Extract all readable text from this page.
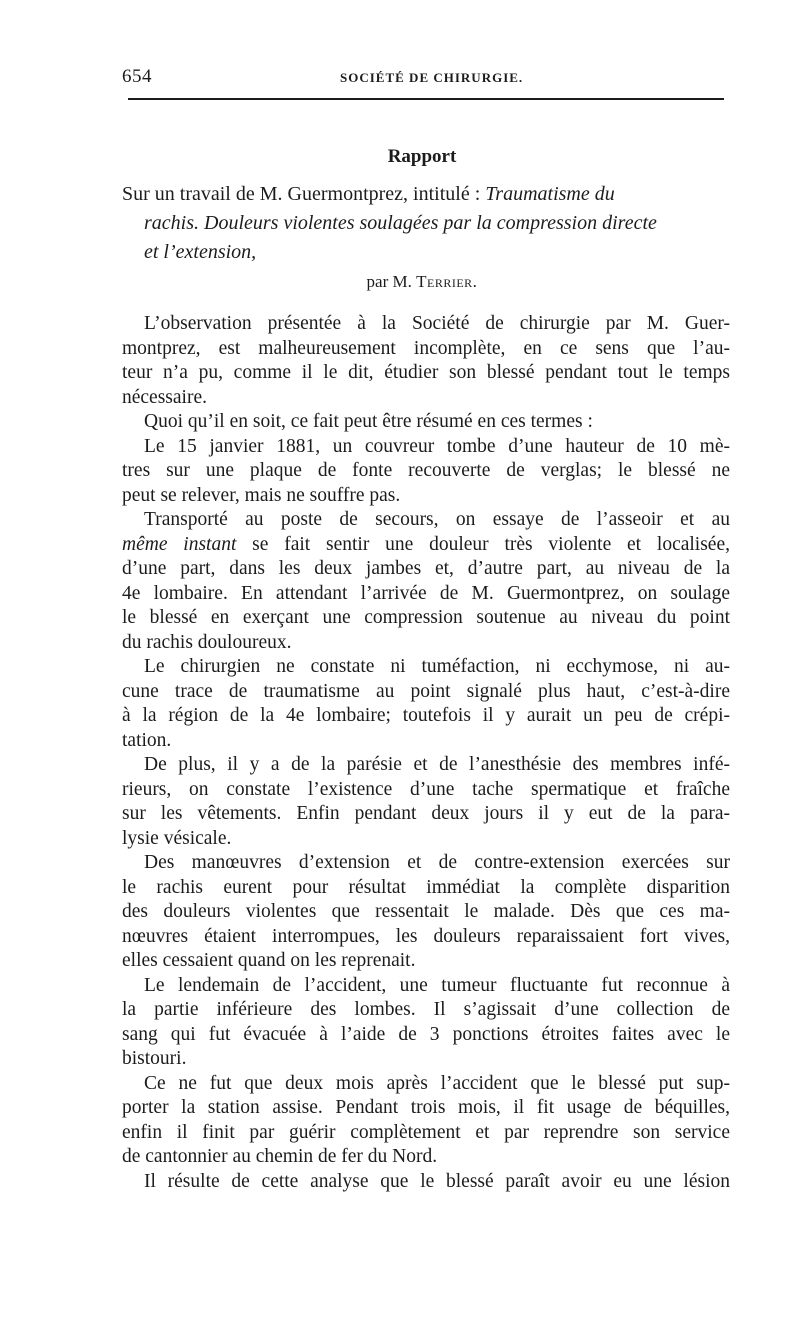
654	SOCIÉTÉ DE CHIRURGIE.
Rapport
Sur un travail de M. Guermontprez, intitulé : Traumatisme du
rachis. Douleurs violentes soulagées par la compression directe
et l’extension,
par M. Terrier.
L’observation présentée à la Société de chirurgie par M. Guer-
montprez, est malheureusement incomplète, en ce sens que l’au-
teur n’a pu, comme il le dit, étudier son blessé pendant tout le temps
nécessaire.
Quoi qu’il en soit, ce fait peut être résumé en ces termes :
Le 15 janvier 1881, un couvreur tombe d’une hauteur de 10 mè-
tres sur une plaque de fonte recouverte de verglas; le blessé ne
peut se relever, mais ne souffre pas.
Transporté au poste de secours, on essaye de l’asseoir et au
même instant se fait sentir une douleur très violente et localisée,
d’une part, dans les deux jambes et, d’autre part, au niveau de la
4e lombaire. En attendant l’arrivée de M. Guermontprez, on soulage
le blessé en exerçant une compression soutenue au niveau du point
du rachis douloureux.
Le chirurgien ne constate ni tuméfaction, ni ecchymose, ni au-
cune trace de traumatisme au point signalé plus haut, c’est-à-dire
à la région de la 4e lombaire; toutefois il y aurait un peu de crépi-
tation.
De plus, il y a de la parésie et de l’anesthésie des membres infé-
rieurs, on constate l’existence d’une tache spermatique et fraîche
sur les vêtements. Enfin pendant deux jours il y eut de la para-
lysie vésicale.
Des manœuvres d’extension et de contre-extension exercées sur
le rachis eurent pour résultat immédiat la complète disparition
des douleurs violentes que ressentait le malade. Dès que ces ma-
nœuvres étaient interrompues, les douleurs reparaissaient fort vives,
elles cessaient quand on les reprenait.
Le lendemain de l’accident, une tumeur fluctuante fut reconnue à
la partie inférieure des lombes. Il s’agissait d’une collection de
sang qui fut évacuée à l’aide de 3 ponctions étroites faites avec le
bistouri.
Ce ne fut que deux mois après l’accident que le blessé put sup-
porter la station assise. Pendant trois mois, il fit usage de béquilles,
enfin il finit par guérir complètement et par reprendre son service
de cantonnier au chemin de fer du Nord.
Il résulte de cette analyse que le blessé paraît avoir eu une lésion
